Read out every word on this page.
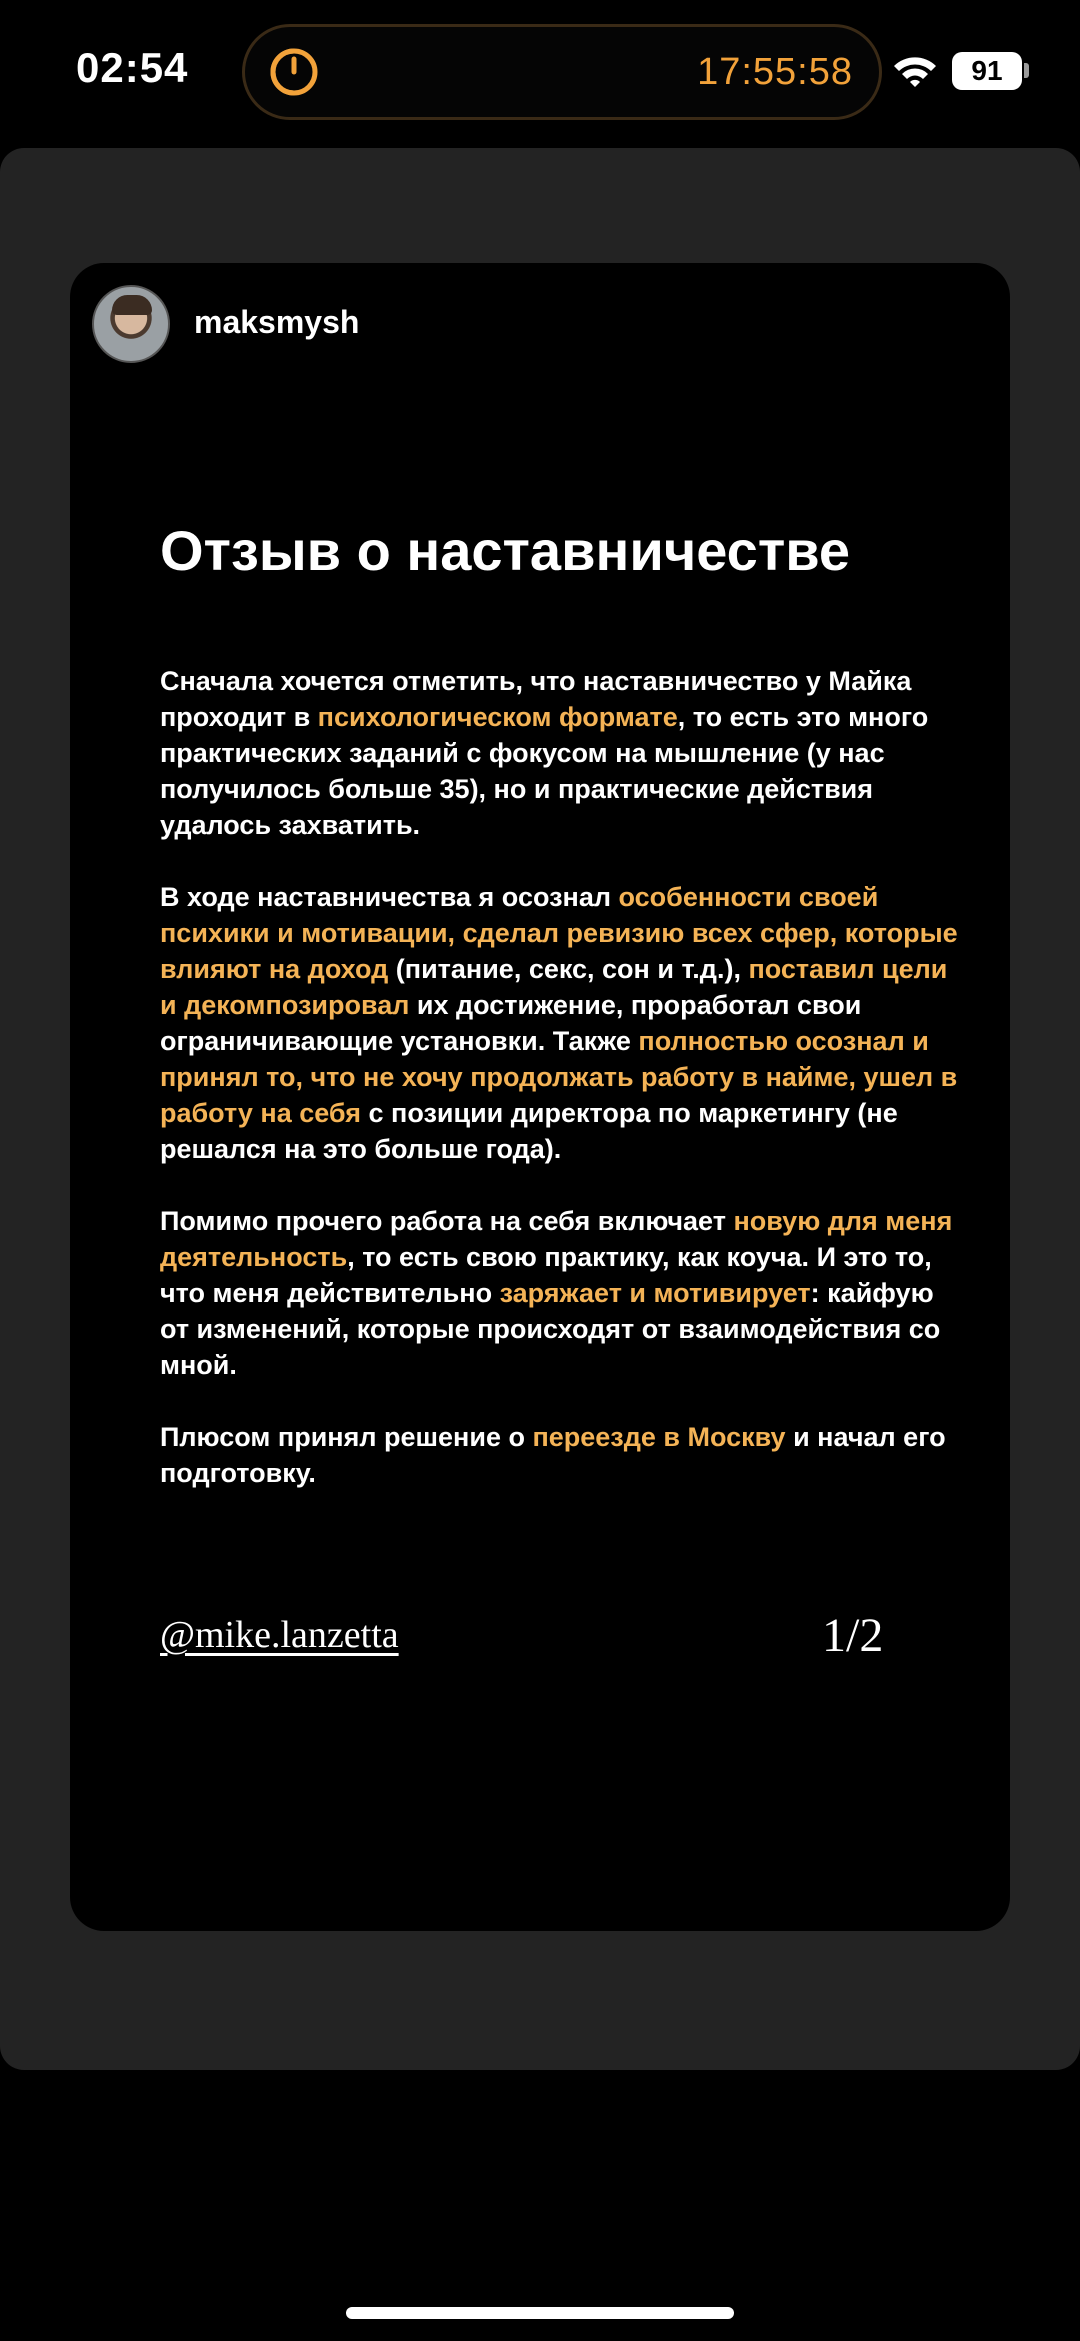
02:54	17:55:58	91
maksmysh
Отзыв о наставничестве
Сначала хочется отметить, что наставничество у Майка проходит в психологическом формате, то есть это много практических заданий с фокусом на мышление (у нас получилось больше 35), но и практические действия удалось захватить.
В ходе наставничества я осознал особенности своей психики и мотивации, сделал ревизию всех сфер, которые влияют на доход (питание, секс, сон и т.д.), поставил цели и декомпозировал их достижение, проработал свои ограничивающие установки. Также полностью осознал и принял то, что не хочу продолжать работу в найме, ушел в работу на себя с позиции директора по маркетингу (не решался на это больше года).
Помимо прочего работа на себя включает новую для меня деятельность, то есть свою практику, как коуча. И это то, что меня действительно заряжает и мотивирует: кайфую от изменений, которые происходят от взаимодействия со мной.
Плюсом принял решение о переезде в Москву и начал его подготовку.
@mike.lanzetta	1/2
